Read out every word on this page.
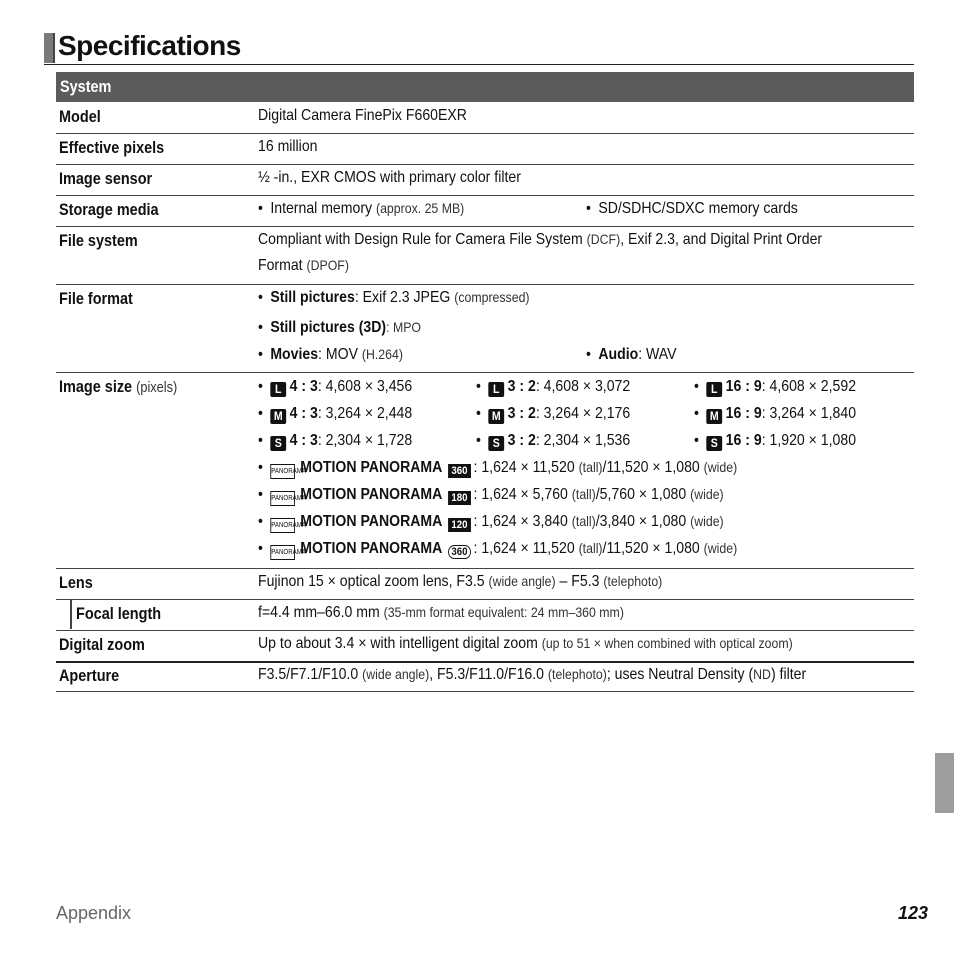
Specifications
System
Model	Digital Camera FinePix F660EXR
Effective pixels	16 million
Image sensor	½ -in., EXR CMOS with primary color filter
Storage media	• Internal memory (approx. 25 MB)	• SD/SDHC/SDXC memory cards
File system	Compliant with Design Rule for Camera File System (DCF), Exif 2.3, and Digital Print Order
Format (DPOF)
File format	• Still pictures: Exif 2.3 JPEG (compressed)
• Still pictures (3D): MPO
• Movies: MOV (H.264)	• Audio: WAV
Image size (pixels)	• L 4 : 3: 4,608 × 3,456	• L 3 : 2: 4,608 × 3,072	• L 16 : 9: 4,608 × 2,592
• M 4 : 3: 3,264 × 2,448	• M 3 : 2: 3,264 × 2,176	• M 16 : 9: 3,264 × 1,840
• S 4 : 3: 2,304 × 1,728	• S 3 : 2: 2,304 × 1,536	• S 16 : 9: 1,920 × 1,080
• PANORAMAMOTION PANORAMA 360 : 1,624 × 11,520 (tall)/11,520 × 1,080 (wide)
• PANORAMAMOTION PANORAMA 180 : 1,624 × 5,760 (tall)/5,760 × 1,080 (wide)
• PANORAMAMOTION PANORAMA 120 : 1,624 × 3,840 (tall)/3,840 × 1,080 (wide)
• PANORAMAMOTION PANORAMA 360 : 1,624 × 11,520 (tall)/11,520 × 1,080 (wide)
Lens	Fujinon 15 × optical zoom lens, F3.5 (wide angle) – F5.3 (telephoto)
Focal length	f=4.4 mm–66.0 mm (35-mm format equivalent: 24 mm–360 mm)
Digital zoom	Up to about 3.4 × with intelligent digital zoom (up to 51 × when combined with optical zoom)
Aperture	F3.5/F7.1/F10.0 (wide angle), F5.3/F11.0/F16.0 (telephoto); uses Neutral Density (ND) filter
Appendix	123
